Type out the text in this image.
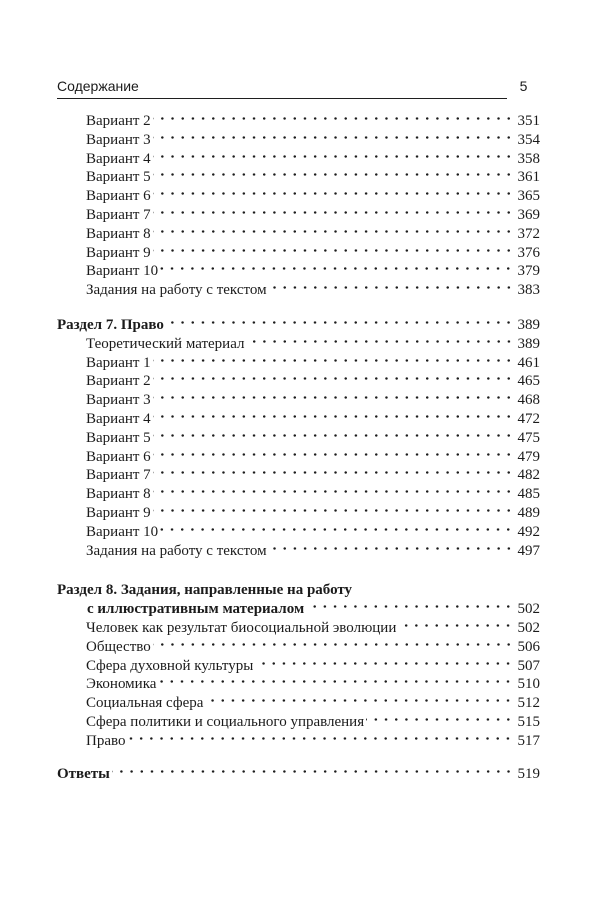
Содержание	5
Вариант 2	351
Вариант 3	354
Вариант 4	358
Вариант 5	361
Вариант 6	365
Вариант 7	369
Вариант 8	372
Вариант 9	376
Вариант 10	379
Задания на работу с текстом	383
Раздел 7. Право	389
Теоретический материал	389
Вариант 1	461
Вариант 2	465
Вариант 3	468
Вариант 4	472
Вариант 5	475
Вариант 6	479
Вариант 7	482
Вариант 8	485
Вариант 9	489
Вариант 10	492
Задания на работу с текстом	497
Раздел 8. Задания, направленные на работу
с иллюстративным материалом	502
Человек как результат биосоциальной эволюции	502
Общество	506
Сфера духовной культуры	507
Экономика	510
Социальная сфера	512
Сфера политики и социального управления	515
Право	517
Ответы	519
